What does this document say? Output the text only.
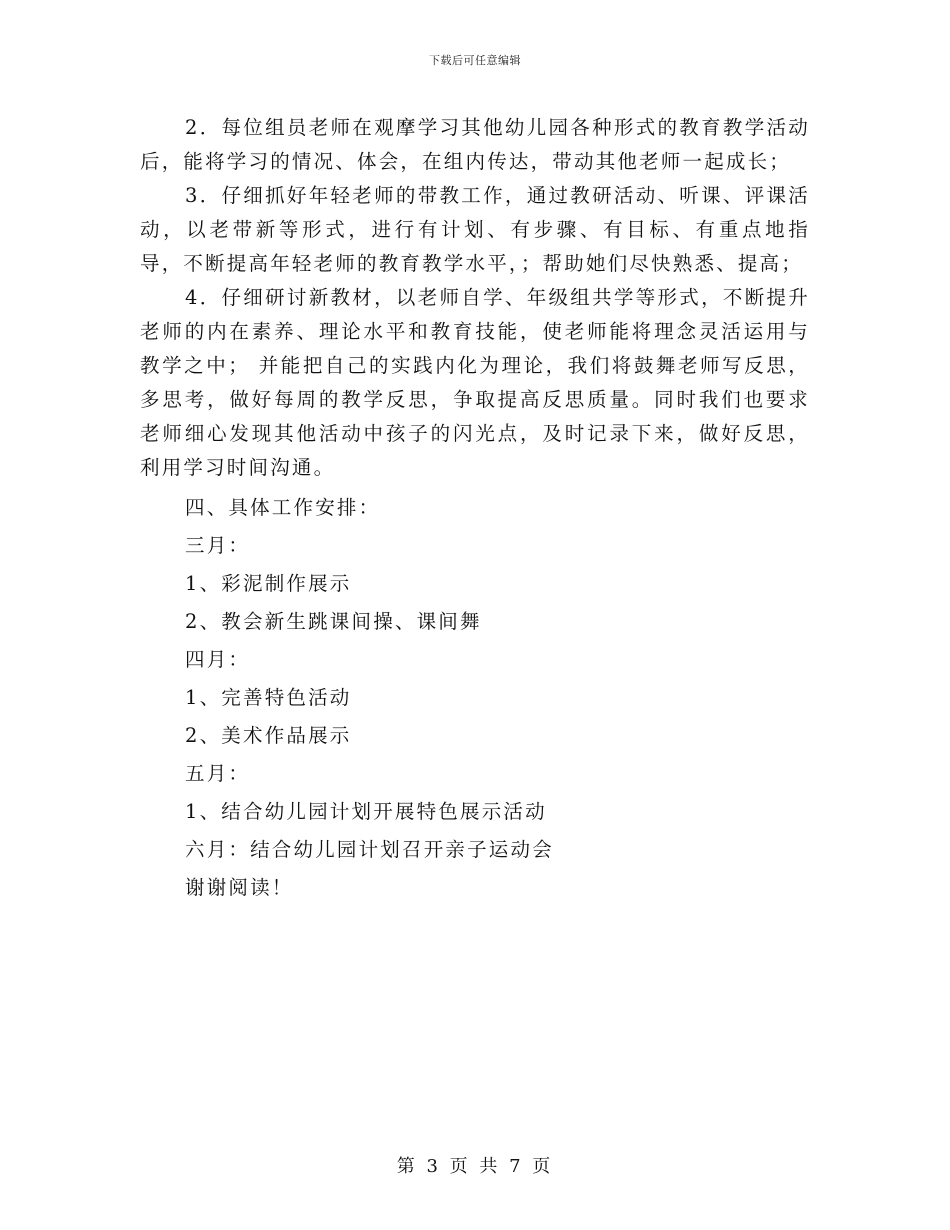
下载后可任意编辑

2．每位组员老师在观摩学习其他幼儿园各种形式的教育教学活动后，能将学习的情况、体会，在组内传达，带动其他老师一起成长；

3．仔细抓好年轻老师的带教工作，通过教研活动、听课、评课活动，以老带新等形式，进行有计划、有步骤、有目标、有重点地指导，不断提高年轻老师的教育教学水平，；帮助她们尽快熟悉、提高；

4．仔细研讨新教材，以老师自学、年级组共学等形式，不断提升老师的内在素养、理论水平和教育技能，使老师能将理念灵活运用与教学之中； 并能把自己的实践内化为理论，我们将鼓舞老师写反思，多思考，做好每周的教学反思，争取提高反思质量。同时我们也要求老师细心发现其他活动中孩子的闪光点，及时记录下来，做好反思，利用学习时间沟通。

四、具体工作安排：

三月：

1、彩泥制作展示

2、教会新生跳课间操、课间舞

四月：

1、完善特色活动

2、美术作品展示

五月：

1、结合幼儿园计划开展特色展示活动

六月：结合幼儿园计划召开亲子运动会

谢谢阅读！

第 3 页 共 7 页
